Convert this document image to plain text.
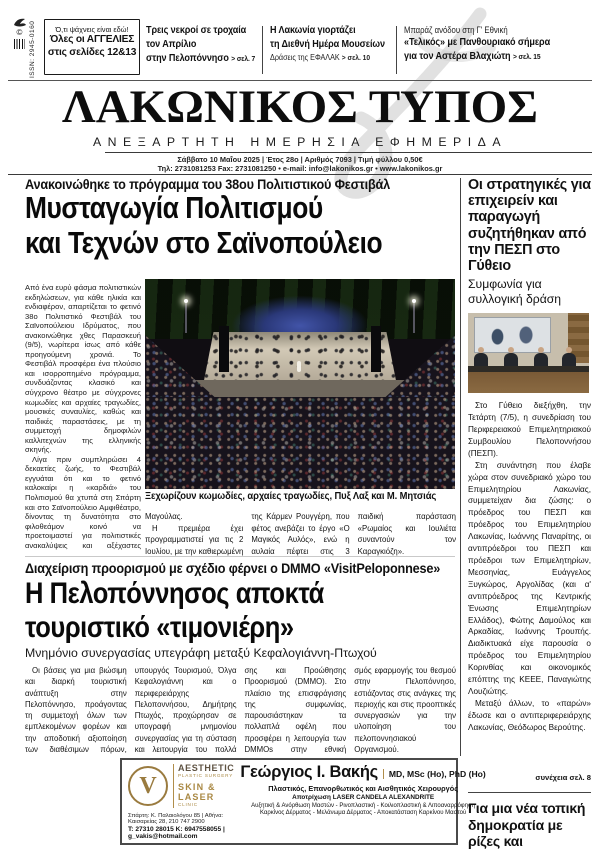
© ISSN: 2945-0160	Ό,τι ψάχνεις είναι εδώ!
Όλες οι ΑΓΓΕΛΙΕΣ
στις σελίδες 12&13
Τρεις νεκροί σε τροχαία
τον Απρίλιο
στην Πελοπόννησο > σελ. 7
Η Λακωνία γιορτάζει
τη Διεθνή Ημέρα Μουσείων
Δράσεις της ΕΦΑΛΑΚ > σελ. 10
Μπαράζ ανόδου στη Γ' Εθνική
«Τελικός» με Πανθουριακό σήμερα
για τον Αστέρα Βλαχιώτη > σελ. 15
ΛΑΚΩΝΙΚΟΣ ΤΥΠΟΣ
ΑΝΕΞΑΡΤΗΤΗ ΗΜΕΡΗΣΙΑ ΕΦΗΜΕΡΙΔΑ
Σάββατο 10 Μαΐου 2025 | Έτος 28ο | Αριθμός 7093 | Τιμή φύλλου 0,50€
Τηλ: 2731081253 Fax: 2731081250 • e-mail: info@lakonikos.gr • www.lakonikos.gr
Ανακοινώθηκε το πρόγραμμα του 38ου Πολιτιστικού Φεστιβάλ
Μυσταγωγία Πολιτισμού
και Τεχνών στο Σαϊνοπούλειο

Από ένα ευρύ φάσμα πολιτιστικών εκδηλώσεων, για κάθε ηλικία και ενδιαφέρον, απαρτίζεται το φετινό 38ο Πολιτιστικό Φεστιβάλ του Σαϊνοπούλειου Ιδρύματος, που ανακοινώθηκε χθες Παρασκευή (9/5), νωρίτερα ίσως από κάθε προηγούμενη χρονιά. Το Φεστιβάλ προσφέρει ένα πλούσιο και ισορροπημένο πρόγραμμα, συνδυάζοντας κλασικό και σύγχρονο θέατρο με σύγχρονες κωμωδίες και αρχαίες τραγωδίες, μουσικές συναυλίες, καθώς και παιδικές παραστάσεις, με τη συμμετοχή δημοφιλών καλλιτεχνών της ελληνικής σκηνής.

Λίγα πριν συμπληρώσει 4 δεκαετίες ζωής, το Φεστιβάλ εγγυάται ότι και το φετινό καλοκαίρι η «καρδιά» του Πολιτισμού θα χτυπά στη Σπάρτη και στο Σαϊνοπούλειο Αμφιθέατρο, δίνοντας τη δυνατότητα στο φιλοθεάμον κοινό να προετοιμαστεί για πολιτιστικές ανακαλύψεις και αξέχαστες

Ξεχωρίζουν κωμωδίες, αρχαίες τραγωδίες, Πυξ Λαξ και Μ. Μητσιάς

Μαγούλας.

Η πρεμιέρα έχει προγραμματιστεί για τις 2 Ιουλίου, με την καθιερωμένη

της Κάρμεν Ρουγγέρη, που φέτος ανεβάζει το έργο «Ο Μαγικός Αυλός», ενώ η αυλαία πέφτει στις 3

παιδική παράσταση «Ρωμαίος και Ιουλιέτα συναντούν τον Καραγκιόζη».

Διαχείριση προορισμού με σχέδιο φέρνει ο DMMO «VisitPeloponnese»
Η Πελοπόννησος αποκτά
τουριστικό «τιμονιέρη»
Μνημόνιο συνεργασίας υπεγράφη μεταξύ Κεφαλογιάννη-Πτωχού

Οι βάσεις για μια βιώσιμη και διαρκή τουριστική ανάπτυξη στην Πελοπόννησο, προάγοντας τη συμμετοχή όλων των εμπλεκομένων φορέων και την αποδοτική αξιοποίηση των διαθέσιμων πόρων,

υπουργός Τουρισμού, Όλγα Κεφαλογιάννη και ο περιφερειάρχης Πελοποννήσου, Δημήτρης Πτωχός, προχώρησαν σε υπογραφή μνημονίου συνεργασίας για τη σύσταση και λειτουργία του πολλά

σης και Προώθησης Προορισμού (DMMO). Στο πλαίσιο της επισφράγισης της συμφωνίας, παρουσιάστηκαν τα πολλαπλά οφέλη που προσφέρει η λειτουργία των DMMOs στην εθνική

σμός εφαρμογής του θεσμού στην Πελοπόννησο, εστιάζοντας στις ανάγκες της περιοχής και στις προοπτικές συνεργασιών για την υλοποίηση του πελοποννησιακού Οργανισμού.

Οι στρατηγικές για επιχειρείν και παραγωγή συζητήθηκαν από την ΠΕΣΠ στο Γύθειο
Συμφωνία για συλλογική δράση

Στο Γύθειο διεξήχθη, την Τετάρτη (7/5), η συνεδρίαση του Περιφερειακού Επιμελητηριακού Συμβουλίου Πελοποννήσου (ΠΕΣΠ).

Στη συνάντηση που έλαβε χώρα στον συνεδριακό χώρο του Επιμελητηρίου Λακωνίας, συμμετείχαν δια ζώσης: ο πρόεδρος του ΠΕΣΠ και πρόεδρος του Επιμελητηρίου Λακωνίας, Ιωάννης Παναρίτης, οι αντιπρόεδροι του ΠΕΣΠ και πρόεδροι των Επιμελητηρίων, Μεσσηνίας, Ευάγγελος Ξυγκώρος, Αργολίδας (και α' αντιπρόεδρος της Κεντρικής Ένωσης Επιμελητηρίων Ελλάδος), Φώτης Δαμούλος και Αρκαδίας, Ιωάννης Τρουπής. Διαδικτυακά είχε παρουσία ο πρόεδρος του Επιμελητηρίου Κορινθίας και οικονομικός επόπτης της ΚΕΕΕ, Παναγιώτης Λουζιώτης.

Μεταξύ άλλων, το «παρών» έδωσε και ο αντιπεριφερειάρχης Λακωνίας, Θεόδωρος Βερούτης.

συνέχεια σελ. 8
Για μια νέα τοπική δημοκρατία με ρίζες και
V
AESTHETIC
PLASTIC SURGERY
SKIN & LASER
CLINIC
Σπάρτη: Κ. Παλαιολόγου 85 | Αθήνα: Καισαρείας 28, 210 747 2900
Τ: 27310 28015 Κ: 6947558055 | g_vakis@hotmail.com
Γεώργιος Ι. Βακής	MD, MSc (Ho), PhD (Ho)
Πλαστικός, Επανορθωτικός και Αισθητικός Χειρουργός
Αποτρίχωση LASER CANDELA ALEXANDRITE
Αυξητική & Ανόρθωση Μαστών - Ρινοπλαστική - Κοιλιοπλαστική & Λιποαναρρόφηση
Καρκίνος Δέρματος - Μελάνωμα Δέρματος - Αποκατάσταση Καρκίνου Μαστού
